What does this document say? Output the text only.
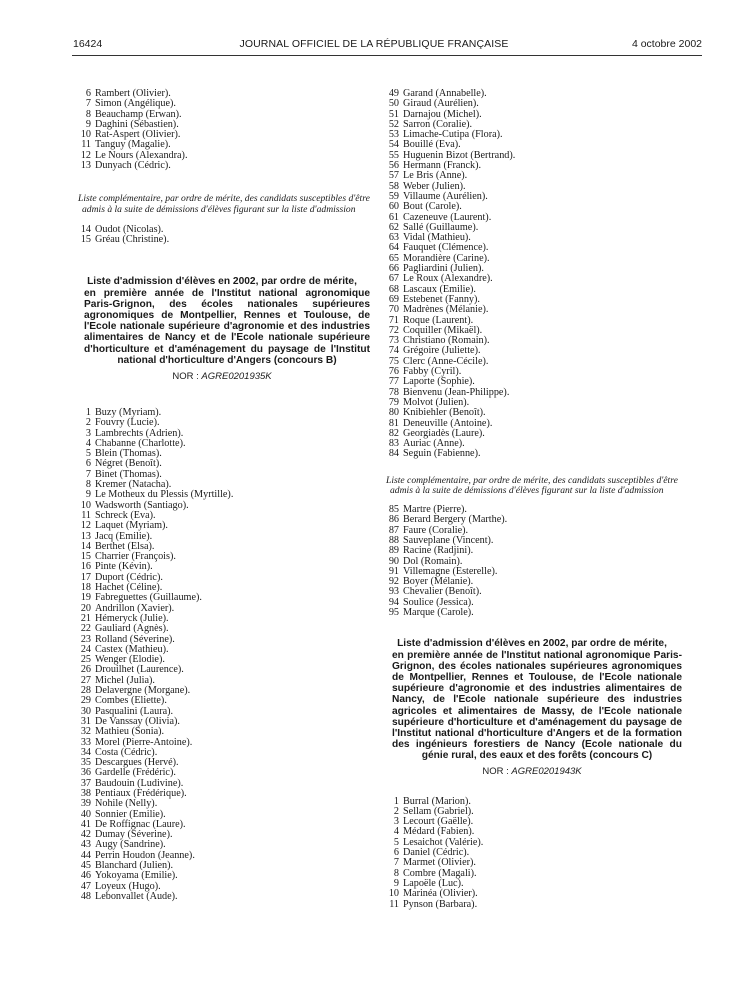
16424	JOURNAL OFFICIEL DE LA RÉPUBLIQUE FRANÇAISE	4 octobre 2002
6 Rambert (Olivier).
7 Simon (Angélique).
8 Beauchamp (Erwan).
9 Daghini (Sébastien).
10 Rat-Aspert (Olivier).
11 Tanguy (Magalie).
12 Le Nours (Alexandra).
13 Dunyach (Cédric).

Liste complémentaire, par ordre de mérite, des candidats susceptibles d'être admis à la suite de démissions d'élèves figurant sur la liste d'admission

14 Oudot (Nicolas).
15 Gréau (Christine).

Liste d'admission d'élèves en 2002, par ordre de mérite,
en première année de l'Institut national agronomique Paris-Grignon, des écoles nationales supérieures agronomiques de Montpellier, Rennes et Toulouse, de l'Ecole nationale supérieure d'agronomie et des industries alimentaires de Nancy et de l'Ecole nationale supérieure d'horticulture et d'aménagement du paysage de l'Institut national d'horticulture d'Angers (concours B)

NOR : AGRE0201935K

1 Buzy (Myriam).
2 Fouvry (Lucie).
3 Lambrechts (Adrien).
4 Chabanne (Charlotte).
5 Blein (Thomas).
6 Négret (Benoît).
7 Binet (Thomas).
8 Kremer (Natacha).
9 Le Motheux du Plessis (Myrtille).
10 Wadsworth (Santiago).
11 Schreck (Eva).
12 Laquet (Myriam).
13 Jacq (Emilie).
14 Berthet (Elsa).
15 Charrier (François).
16 Pinte (Kévin).
17 Duport (Cédric).
18 Hachet (Céline).
19 Fabreguettes (Guillaume).
20 Andrillon (Xavier).
21 Hémeryck (Julie).
22 Gauliard (Agnès).
23 Rolland (Séverine).
24 Castex (Mathieu).
25 Wenger (Elodie).
26 Drouilhet (Laurence).
27 Michel (Julia).
28 Delavergne (Morgane).
29 Combes (Eliette).
30 Pasqualini (Laura).
31 De Vanssay (Olivia).
32 Mathieu (Sonia).
33 Morel (Pierre-Antoine).
34 Costa (Cédric).
35 Descargues (Hervé).
36 Gardelle (Frédéric).
37 Baudouin (Ludivine).
38 Pentiaux (Frédérique).
39 Nohile (Nelly).
40 Sonnier (Emilie).
41 De Roffignac (Laure).
42 Dumay (Séverine).
43 Augy (Sandrine).
44 Perrin Houdon (Jeanne).
45 Blanchard (Julien).
46 Yokoyama (Emilie).
47 Loyeux (Hugo).
48 Lebonvallet (Aude).
49 Garand (Annabelle).
50 Giraud (Aurélien).
51 Darnajou (Michel).
52 Sarron (Coralie).
53 Limache-Cutipa (Flora).
54 Bouillé (Eva).
55 Huguenin Bizot (Bertrand).
56 Hermann (Franck).
57 Le Bris (Anne).
58 Weber (Julien).
59 Villaume (Aurélien).
60 Bout (Carole).
61 Cazeneuve (Laurent).
62 Sallé (Guillaume).
63 Vidal (Mathieu).
64 Fauquet (Clémence).
65 Morandière (Carine).
66 Pagliardini (Julien).
67 Le Roux (Alexandre).
68 Lascaux (Emilie).
69 Estebenet (Fanny).
70 Madrènes (Mélanie).
71 Roque (Laurent).
72 Coquiller (Mikaël).
73 Christiano (Romain).
74 Grégoire (Juliette).
75 Clerc (Anne-Cécile).
76 Fabby (Cyril).
77 Laporte (Sophie).
78 Bienvenu (Jean-Philippe).
79 Molvot (Julien).
80 Knibiehler (Benoît).
81 Deneuville (Antoine).
82 Georgiadès (Laure).
83 Auriac (Anne).
84 Seguin (Fabienne).

Liste complémentaire, par ordre de mérite, des candidats susceptibles d'être admis à la suite de démissions d'élèves figurant sur la liste d'admission

85 Martre (Pierre).
86 Berard Bergery (Marthe).
87 Faure (Coralie).
88 Sauveplane (Vincent).
89 Racine (Radjini).
90 Dol (Romain).
91 Villemagne (Esterelle).
92 Boyer (Mélanie).
93 Chevalier (Benoît).
94 Soulice (Jessica).
95 Marque (Carole).

Liste d'admission d'élèves en 2002, par ordre de mérite,
en première année de l'Institut national agronomique Paris-Grignon, des écoles nationales supérieures agronomiques de Montpellier, Rennes et Toulouse, de l'Ecole nationale supérieure d'agronomie et des industries alimentaires de Nancy, de l'Ecole nationale supérieure des industries agricoles et alimentaires de Massy, de l'Ecole nationale supérieure d'horticulture et d'aménagement du paysage de l'Institut national d'horticulture d'Angers et de la formation des ingénieurs forestiers de Nancy (Ecole nationale du génie rural, des eaux et des forêts (concours C)

NOR : AGRE0201943K

1 Burral (Marion).
2 Sellam (Gabriel).
3 Lecourt (Gaëlle).
4 Médard (Fabien).
5 Lesaichot (Valérie).
6 Daniel (Cédric).
7 Marmet (Olivier).
8 Combre (Magali).
9 Lapoële (Luc).
10 Marinéa (Olivier).
11 Pynson (Barbara).
